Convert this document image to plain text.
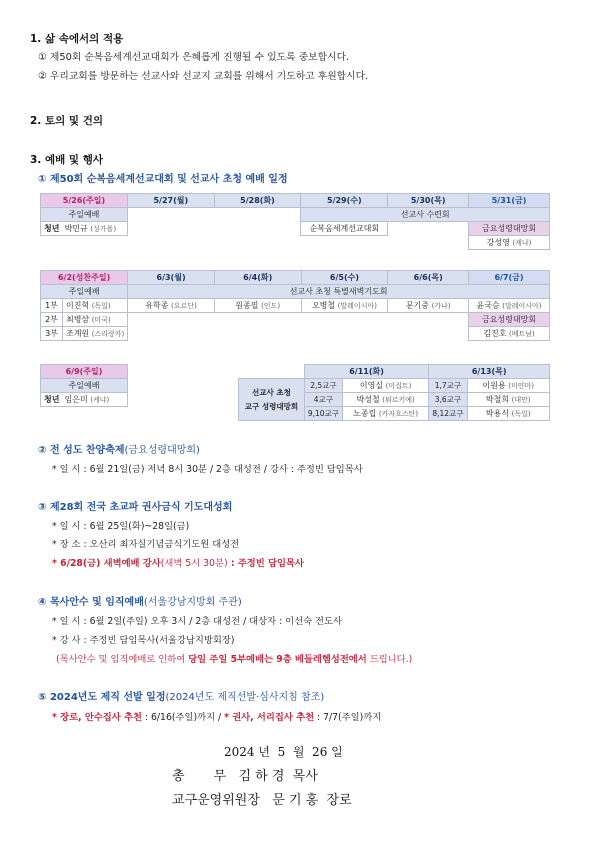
1. 삶 속에서의 적용
① 제50회 순복음세계선교대회가 은혜롭게 진행될 수 있도록 중보합시다.
② 우리교회를 방문하는 선교사와 선교지 교회를 위해서 기도하고 후원합시다.
2. 토의 및 건의
3. 예배 및 행사
① 제50회 순복음세계선교대회 및 선교사 초청 예배 일정
5/26(주일)	5/27(월)	5/28(화)	5/29(수)	5/30(목)	5/31(금)
주일예배			선교사 수련회		
청년 박민규 (싱가폴)			순복음세계선교대회		금요성령대망회
					강성영 (케냐)
6/2(성찬주일)		6/3(월)	6/4(화)	6/5(수)	6/6(목)	6/7(금)
주일예배		선교사 초청 특별새벽기도회				
1부	이진혁 (독일)	유학종 (요르단)	원종필 (인도)	오병철 (말레이시아)	문기중 (가나)	윤국승 (말레이시아)
2부	최병삼 (미국)					금요성령대망회
3부	조계원 (스리랑카)					김진호 (베트남)
6/9(주일)
주일예배
청년 임은미 (케냐)
	6/11(화)		6/13(목)	

선교사 초청
교구 성령대망회	2,5교구	이영실 (미집트)	1,7교구	이원용 (미얀마)
	4교구	박성철 (튀르키예)	3,6교구	박철희 (대만)
	9,10교구	노종립 (카자흐스탄)	8,12교구	박용식 (독일)
② 전 성도 찬양축제(금요성령대망회)
* 일 시 : 6월 21일(금) 저녁 8시 30분 / 2층 대성전 / 강사 : 주정빈 담임목사
③ 제28회 전국 초교파 권사금식 기도대성회
* 일 시 : 6월 25일(화)~28일(금)
* 장 소 : 오산리 최자실기념금식기도원 대성전
* 6/28(금) 새벽예배 강사(새벽 5시 30분) : 주정빈 담임목사
④ 목사안수 및 임직예배(서울강남지방회 주관)
* 일 시 : 6월 2일(주일) 오후 3시 / 2층 대성전 / 대상자 : 이선숙 전도사
* 강 사 : 주정빈 담임목사(서울강남지방회장)
(목사안수 및 임직예배로 인하여 당일 주일 5부예배는 9층 베들레헴성전에서 드립니다.)
⑤ 2024년도 제직 선발 일정(2024년도 제직선발·심사지침 참조)
* 장로, 안수집사 추천 : 6/16(주일)까지 / * 권사, 서리집사 추천 : 7/7(주일)까지
2024 년  5  월  26 일
총       무   김 하 경  목사
교구운영위원장   문 기 홍  장로
